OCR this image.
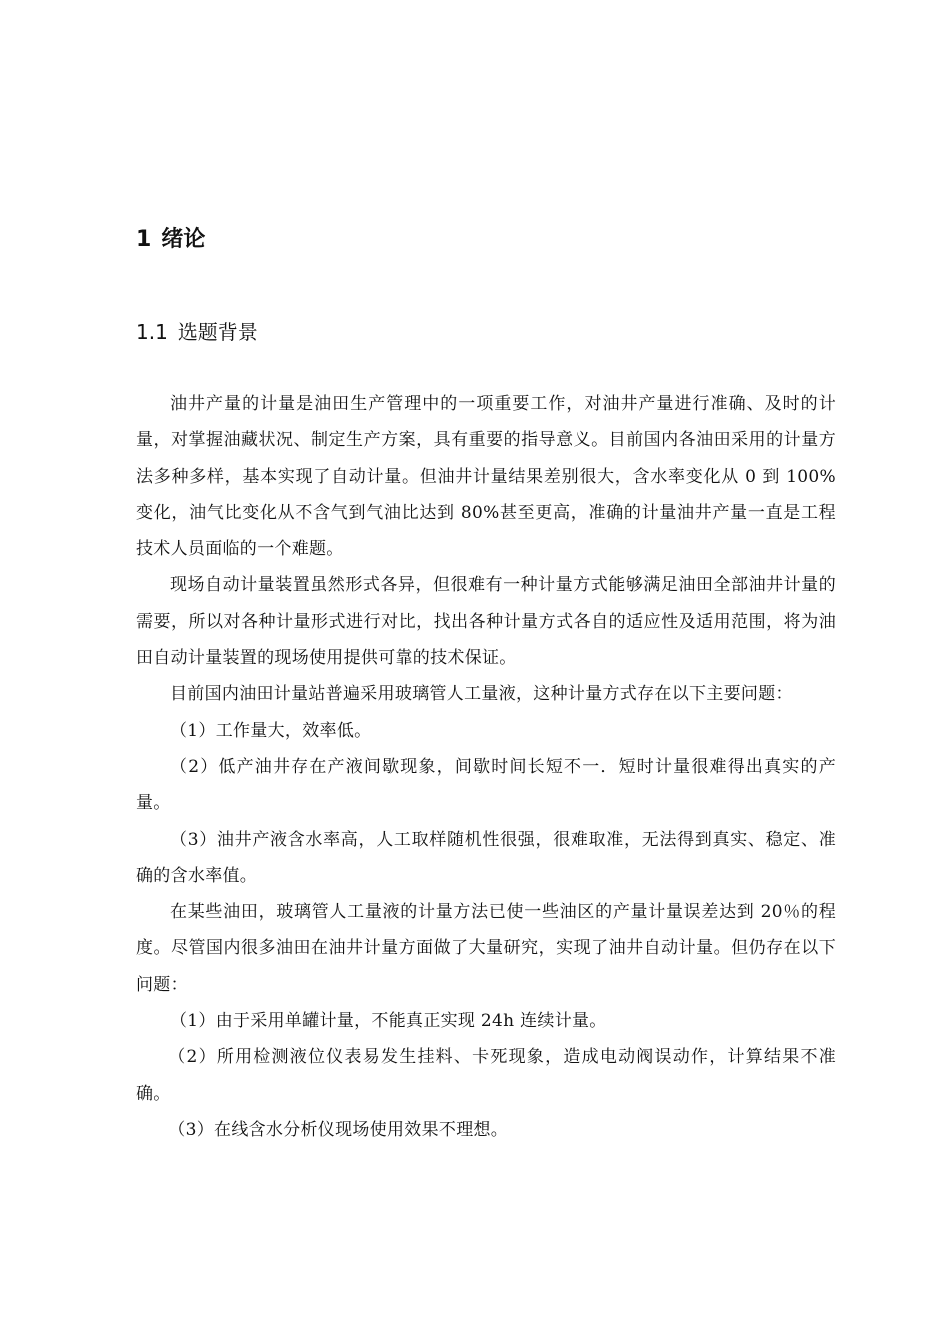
1 绪论
1.1 选题背景

油井产量的计量是油田生产管理中的一项重要工作，对油井产量进行准确、及时的计量，对掌握油藏状况、制定生产方案，具有重要的指导意义。目前国内各油田采用的计量方法多种多样，基本实现了自动计量。但油井计量结果差别很大，含水率变化从 0 到 100%变化，油气比变化从不含气到气油比达到 80%甚至更高，准确的计量油井产量一直是工程技术人员面临的一个难题。

现场自动计量装置虽然形式各异，但很难有一种计量方式能够满足油田全部油井计量的需要，所以对各种计量形式进行对比，找出各种计量方式各自的适应性及适用范围，将为油田自动计量装置的现场使用提供可靠的技术保证。

目前国内油田计量站普遍采用玻璃管人工量液，这种计量方式存在以下主要问题：

（1）工作量大，效率低。

（2）低产油井存在产液间歇现象，间歇时间长短不一．短时计量很难得出真实的产量。

（3）油井产液含水率高，人工取样随机性很强，很难取准，无法得到真实、稳定、准确的含水率值。

在某些油田，玻璃管人工量液的计量方法已使一些油区的产量计量误差达到 20％的程度。尽管国内很多油田在油井计量方面做了大量研究，实现了油井自动计量。但仍存在以下问题：

（1）由于采用单罐计量，不能真正实现 24h 连续计量。

（2）所用检测液位仪表易发生挂料、卡死现象，造成电动阀误动作，计算结果不准确。

（3）在线含水分析仪现场使用效果不理想。
